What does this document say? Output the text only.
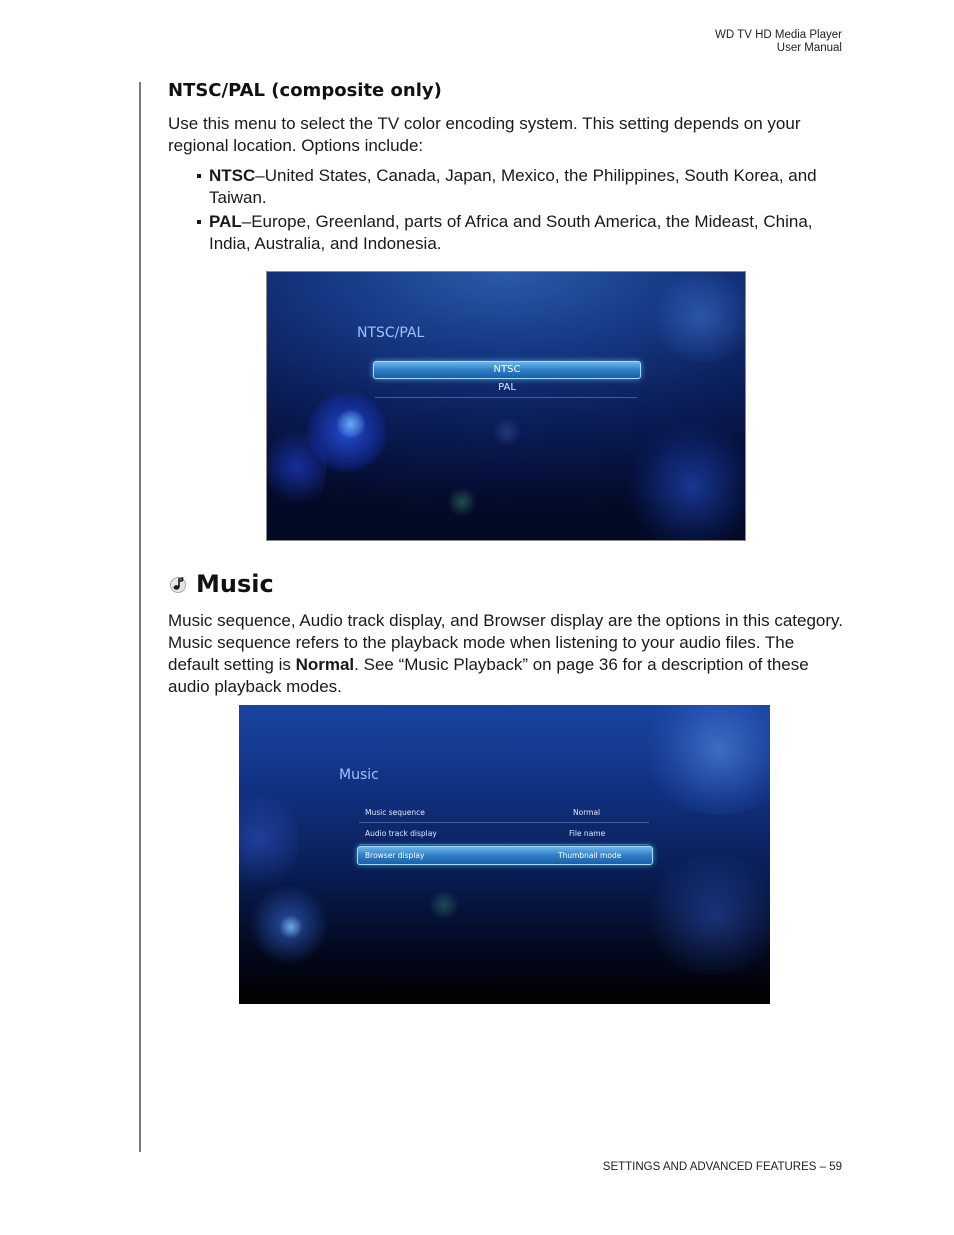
WD TV HD Media Player
User Manual
NTSC/PAL (composite only)

Use this menu to select the TV color encoding system. This setting depends on your regional location. Options include:

NTSC–United States, Canada, Japan, Mexico, the Philippines, South Korea, and Taiwan.
PAL–Europe, Greenland, parts of Africa and South America, the Mideast, China, India, Australia, and Indonesia.
NTSC/PAL
NTSC
PAL
Music

Music sequence, Audio track display, and Browser display are the options in this category. Music sequence refers to the playback mode when listening to your audio files. The default setting is Normal. See “Music Playback” on page 36 for a description of these audio playback modes.

Music
Music sequence	Normal
Audio track display	File name
Browser display	Thumbnail mode
SETTINGS AND ADVANCED FEATURES – 59
